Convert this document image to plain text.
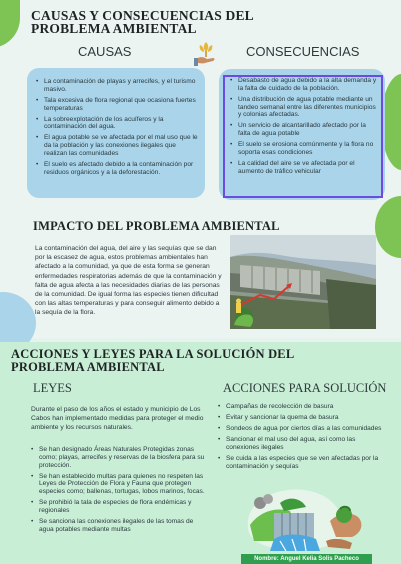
CAUSAS Y CONSECUENCIAS DEL PROBLEMA AMBIENTAL
CAUSAS	CONSECUENCIAS
• La contaminación de playas y arrecifes, y el turismo masivo.
• Tala excesiva de flora regional que ocasiona fuertes temperaturas
• La sobreexplotación de los acuíferos y la contaminación del agua.
• El agua potable se ve afectada por el mal uso que le da la población y las conexiones ilegales que realizan las comunidades
• El suelo es afectado debido a la contaminación por residuos orgánicos y a la deforestación.
• Desabasto de agua debido a la alta demanda y la falta de cuidado de la población.
• Una distribución de agua potable mediante un tandeo semanal entre las diferentes municipios y colonias afectadas.
• Un servicio de alcantarillado afectado por la falta de agua potable
• El suelo se erosiona comúnmente y la flora no soporta esas condiciones
• La calidad del aire se ve afectada por el aumento de tráfico vehicular
IMPACTO DEL PROBLEMA AMBIENTAL

La contaminación del agua, del aire y las sequías que se dan por la escasez de agua, estos problemas ambientales han afectado a la comunidad, ya que de esta forma se generan enfermedades respiratorias además de que la contaminación y falta de agua afecta a las necesidades diarias de las personas de la comunidad. De igual forma las especies tienen dificultad con las altas temperaturas y para conseguir alimento debido a la sequía de la flora.

ACCIONES Y LEYES PARA LA SOLUCIÓN DEL PROBLEMA AMBIENTAL
LEYES	ACCIONES PARA SOLUCIÓN

Durante el paso de los años el estado y municipio de Los Cabos han implementado medidas para proteger el medio ambiente y los recursos naturales.

• Se han designado Áreas Naturales Protegidas zonas como; playas, arrecifes y reservas de la biosfera para su protección.
• Se han establecido multas para quienes no respeten las Leyes de Protección de Flora y Fauna que protegen especies como; ballenas, tortugas, lobos marinos, focas.
• Se prohibió la tala de especies de flora endémicas y regionales
• Se sanciona las conexiones ilegales de las tomas de agua potables mediante multas
• Campañas de recolección de basura
• Evitar y sancionar la quema de basura
• Sondeos de agua por ciertos días a las comunidades
• Sancionar el mal uso del agua, así como las conexiones ilegales
• Se cuida a las especies que se ven afectadas por la contaminación y sequías
Nombre: Anguel Kelia Solis Pacheco
